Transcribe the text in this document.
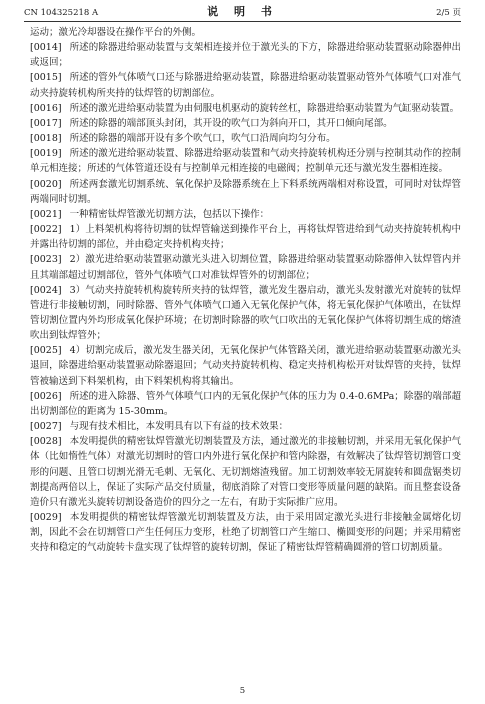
CN 104325218 A	说 明 书	2/5 页

运动；激光冷却器设在操作平台的外侧。

[0014] 所述的除器进给驱动装置与支架相连接并位于激光头的下方，除器进给驱动装置驱动除器伸出或返回；

[0015] 所述的管外气体喷气口还与除器进给驱动装置，除器进给驱动装置驱动管外气体喷气口对准气动夹持旋转机构所夹持的钛焊管的切割部位。

[0016] 所述的激光进给驱动装置为由伺服电机驱动的旋转丝杠，除器进给驱动装置为气缸驱动装置。

[0017] 所述的除器的端部顶头封闭，其开设的吹气口为斜向开口，其开口倾向尾部。

[0018] 所述的除器的端部开设有多个吹气口，吹气口沿周向均匀分布。

[0019] 所述的激光进给驱动装置、除器进给驱动装置和气动夹持旋转机构还分别与控制其动作的控制单元相连接；所述的气体管道还设有与控制单元相连接的电磁阀；控制单元还与激光发生器相连接。

[0020] 所述两套激光切割系统、氧化保护及除器系统在上下料系统两端相对称设置，可同时对钛焊管两端同时切割。

[0021] 一种精密钛焊管激光切割方法，包括以下操作：

[0022] 1）上料架机构将待切割的钛焊管输送到操作平台上，再将钛焊管进给到气动夹持旋转机构中并露出待切割的部位，并由稳定夹持机构夹持；

[0023] 2）激光进给驱动装置驱动激光头进入切割位置，除器进给驱动装置驱动除器伸入钛焊管内并且其端部超过切割部位，管外气体喷气口对准钛焊管外的切割部位；

[0024] 3）气动夹持旋转机构旋转所夹持的钛焊管，激光发生器启动，激光头发射激光对旋转的钛焊管进行非接触切割，同时除器、管外气体喷气口通入无氧化保护气体，将无氧化保护气体喷出，在钛焊管切割位置内外均形成氧化保护环境；在切割时除器的吹气口吹出的无氧化保护气体将切割生成的熔渣吹出到钛焊管外；

[0025] 4）切割完成后，激光发生器关闭，无氧化保护气体管路关闭，激光进给驱动装置驱动激光头退回，除器进给驱动装置驱动除器退回；气动夹持旋转机构、稳定夹持机构松开对钛焊管的夹持，钛焊管被输送到下料架机构，由下料架机构将其输出。

[0026] 所述的进入除器、管外气体喷气口内的无氧化保护气体的压力为 0.4-0.6MPa；除器的端部超出切割部位的距离为 15-30mm。

[0027] 与现有技术相比，本发明具有以下有益的技术效果：

[0028] 本发明提供的精密钛焊管激光切割装置及方法，通过激光的非接触切割，并采用无氧化保护气体（比如惰性气体）对激光切割时的管口内外进行氧化保护和管内除器，有效解决了钛焊管切割管口变形的问题、且管口切割光滑无毛刺、无氧化、无切割熔渣残留。加工切割效率较无屑旋转和圆盘锯类切割提高两倍以上，保证了实际产品交付质量，彻底消除了对管口变形等质量问题的缺陷。而且整套设备造价只有激光头旋转切割设备造价的四分之一左右，有助于实际推广应用。

[0029] 本发明提供的精密钛焊管激光切割装置及方法，由于采用固定激光头进行非接触金属熔化切割，因此不会在切割管口产生任何压力变形，杜绝了切割管口产生缩口、椭圆变形的问题；并采用精密夹持和稳定的气动旋转卡盘实现了钛焊管的旋转切割，保证了精密钛焊管精确圆滑的管口切割质量。

5
